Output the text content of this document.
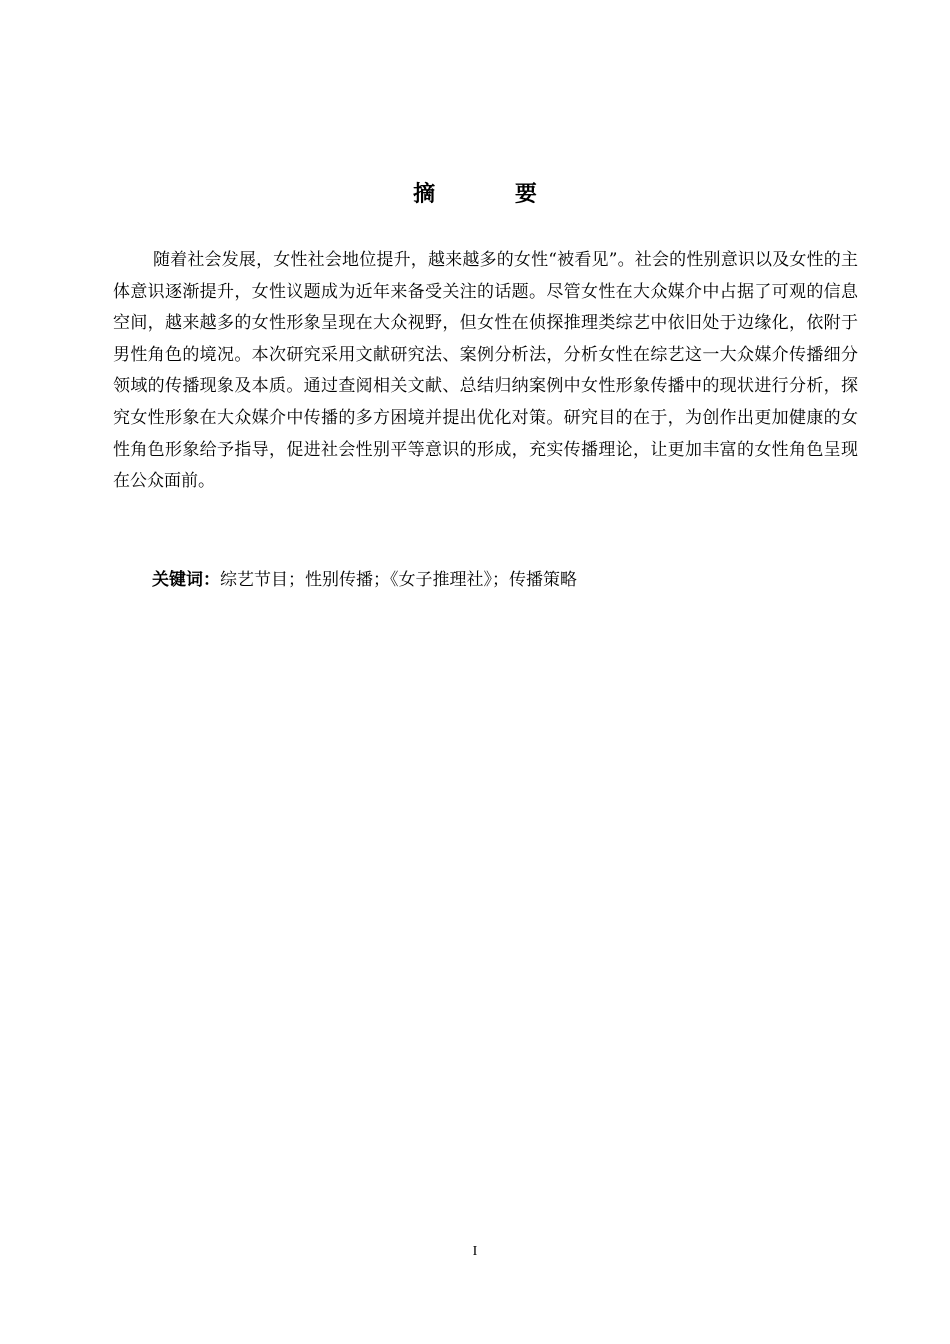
摘 要

随着社会发展，女性社会地位提升，越来越多的女性“被看见”。社会的性别意识以及女性的主体意识逐渐提升，女性议题成为近年来备受关注的话题。尽管女性在大众媒介中占据了可观的信息空间，越来越多的女性形象呈现在大众视野，但女性在侦探推理类综艺中依旧处于边缘化，依附于男性角色的境况。本次研究采用文献研究法、案例分析法，分析女性在综艺这一大众媒介传播细分领域的传播现象及本质。通过查阅相关文献、总结归纳案例中女性形象传播中的现状进行分析，探究女性形象在大众媒介中传播的多方困境并提出优化对策。研究目的在于，为创作出更加健康的女性角色形象给予指导，促进社会性别平等意识的形成，充实传播理论，让更加丰富的女性角色呈现在公众面前。

关键词：综艺节目；性别传播；《女子推理社》；传播策略
I
